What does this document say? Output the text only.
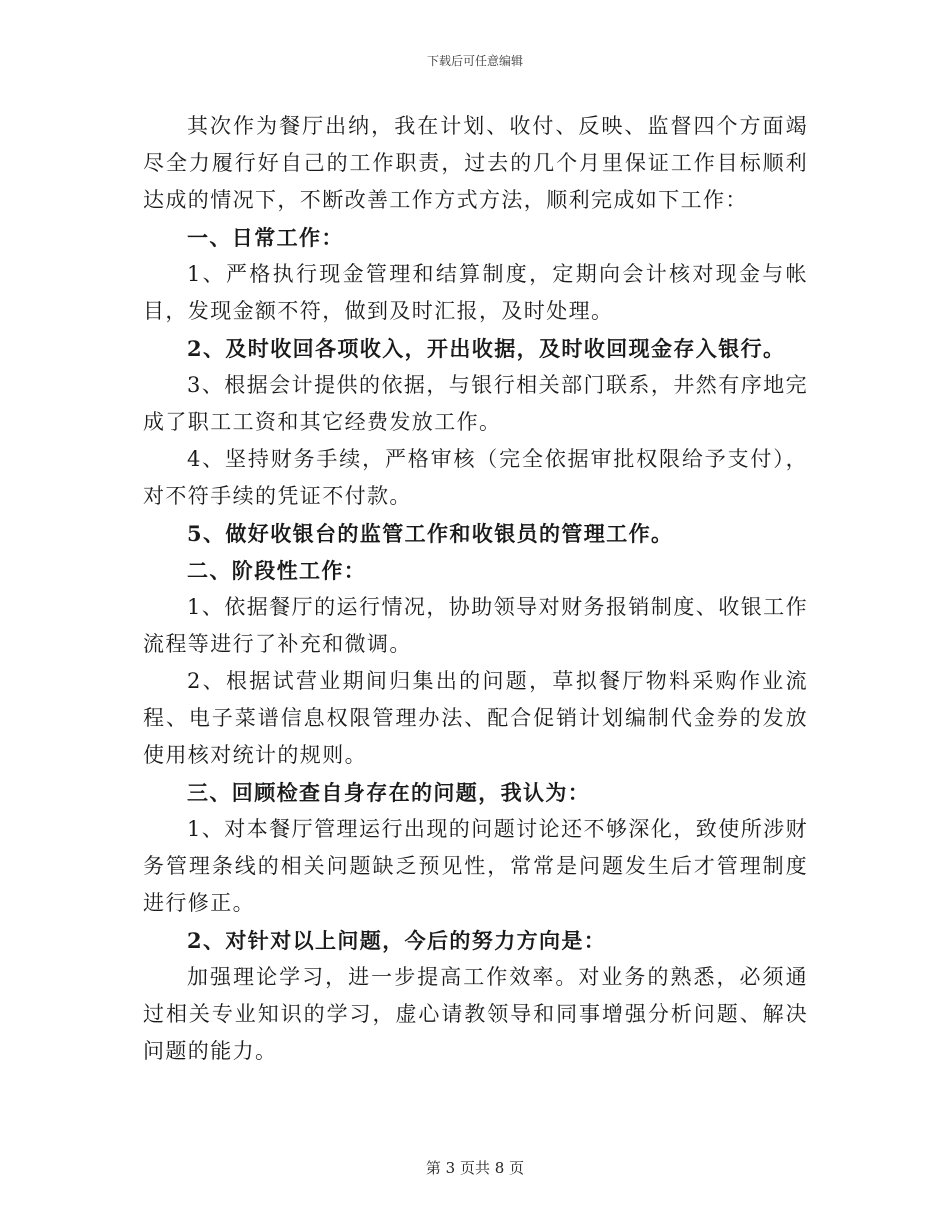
下载后可任意编辑

其次作为餐厅出纳，我在计划、收付、反映、监督四个方面竭尽全力履行好自己的工作职责，过去的几个月里保证工作目标顺利达成的情况下，不断改善工作方式方法，顺利完成如下工作：

一、日常工作：

1、严格执行现金管理和结算制度，定期向会计核对现金与帐目，发现金额不符，做到及时汇报，及时处理。

2、及时收回各项收入，开出收据，及时收回现金存入银行。

3、根据会计提供的依据，与银行相关部门联系，井然有序地完成了职工工资和其它经费发放工作。

4、坚持财务手续，严格审核（完全依据审批权限给予支付），对不符手续的凭证不付款。

5、做好收银台的监管工作和收银员的管理工作。

二、阶段性工作：

1、依据餐厅的运行情况，协助领导对财务报销制度、收银工作流程等进行了补充和微调。

2、根据试营业期间归集出的问题，草拟餐厅物料采购作业流程、电子菜谱信息权限管理办法、配合促销计划编制代金券的发放使用核对统计的规则。

三、回顾检查自身存在的问题，我认为：

1、对本餐厅管理运行出现的问题讨论还不够深化，致使所涉财务管理条线的相关问题缺乏预见性，常常是问题发生后才管理制度进行修正。

2、对针对以上问题，今后的努力方向是：

加强理论学习，进一步提高工作效率。对业务的熟悉，必须通过相关专业知识的学习，虚心请教领导和同事增强分析问题、解决问题的能力。

第 3 页共 8 页
